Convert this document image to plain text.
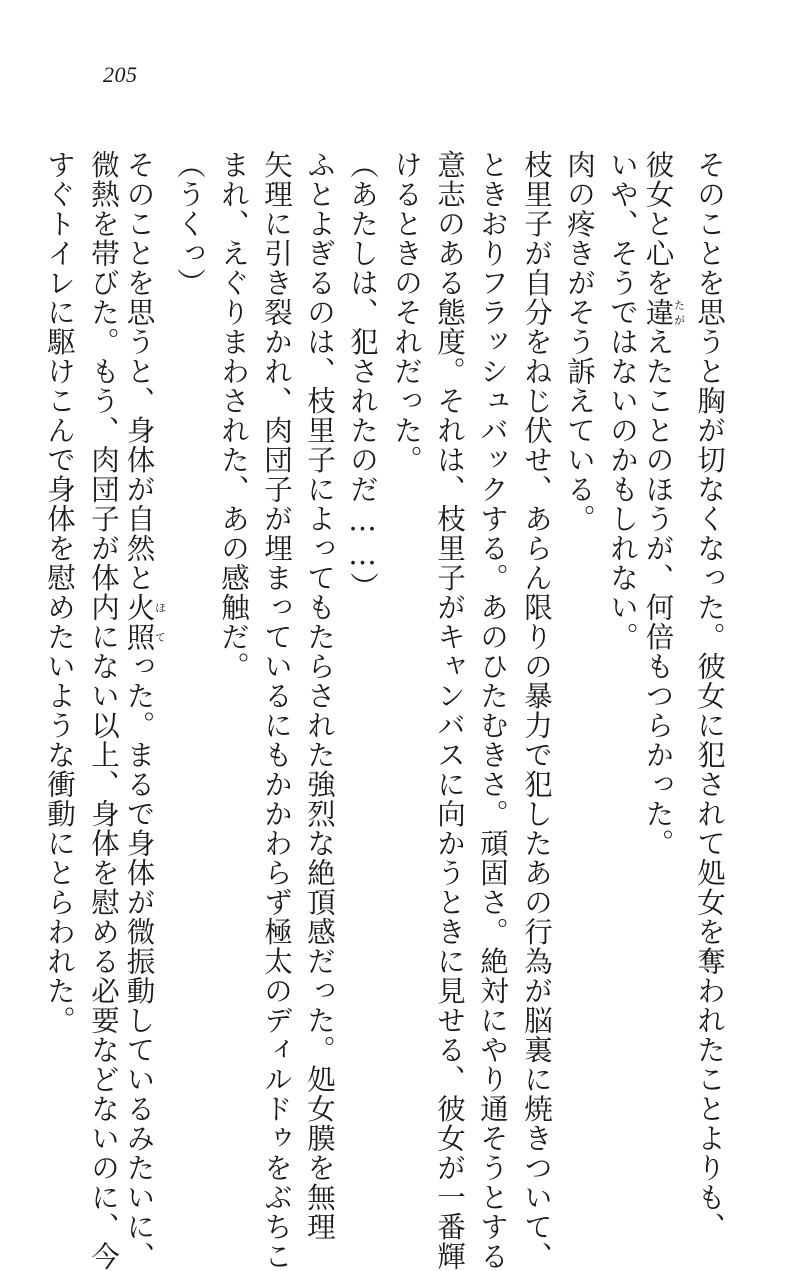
205
そのことを思うと胸が切なくなった。彼女に犯されて処女を奪われたことよりも、
彼女と心を違たがえたことのほうが、何倍もつらかった。
いや、そうではないのかもしれない。
肉の疼きがそう訴えている。
枝里子が自分をねじ伏せ、あらん限りの暴力で犯したあの行為が脳裏に焼きついて、
ときおりフラッシュバックする。あのひたむきさ。頑固さ。絶対にやり通そうとする
意志のある態度。それは、枝里子がキャンバスに向かうときに見せる、彼女が一番輝
けるときのそれだった。
（あたしは、犯されたのだ……）
ふとよぎるのは、枝里子によってもたらされた強烈な絶頂感だった。処女膜を無理
矢理に引き裂かれ、肉団子が埋まっているにもかかわらず極太のディルドゥをぶちこ
まれ、えぐりまわされた、あの感触だ。
（うくっ）
そのことを思うと、身体が自然と火照ほてった。まるで身体が微振動しているみたいに、
微熱を帯びた。もう、肉団子が体内にない以上、身体を慰める必要などないのに、今
すぐトイレに駆けこんで身体を慰めたいような衝動にとらわれた。
